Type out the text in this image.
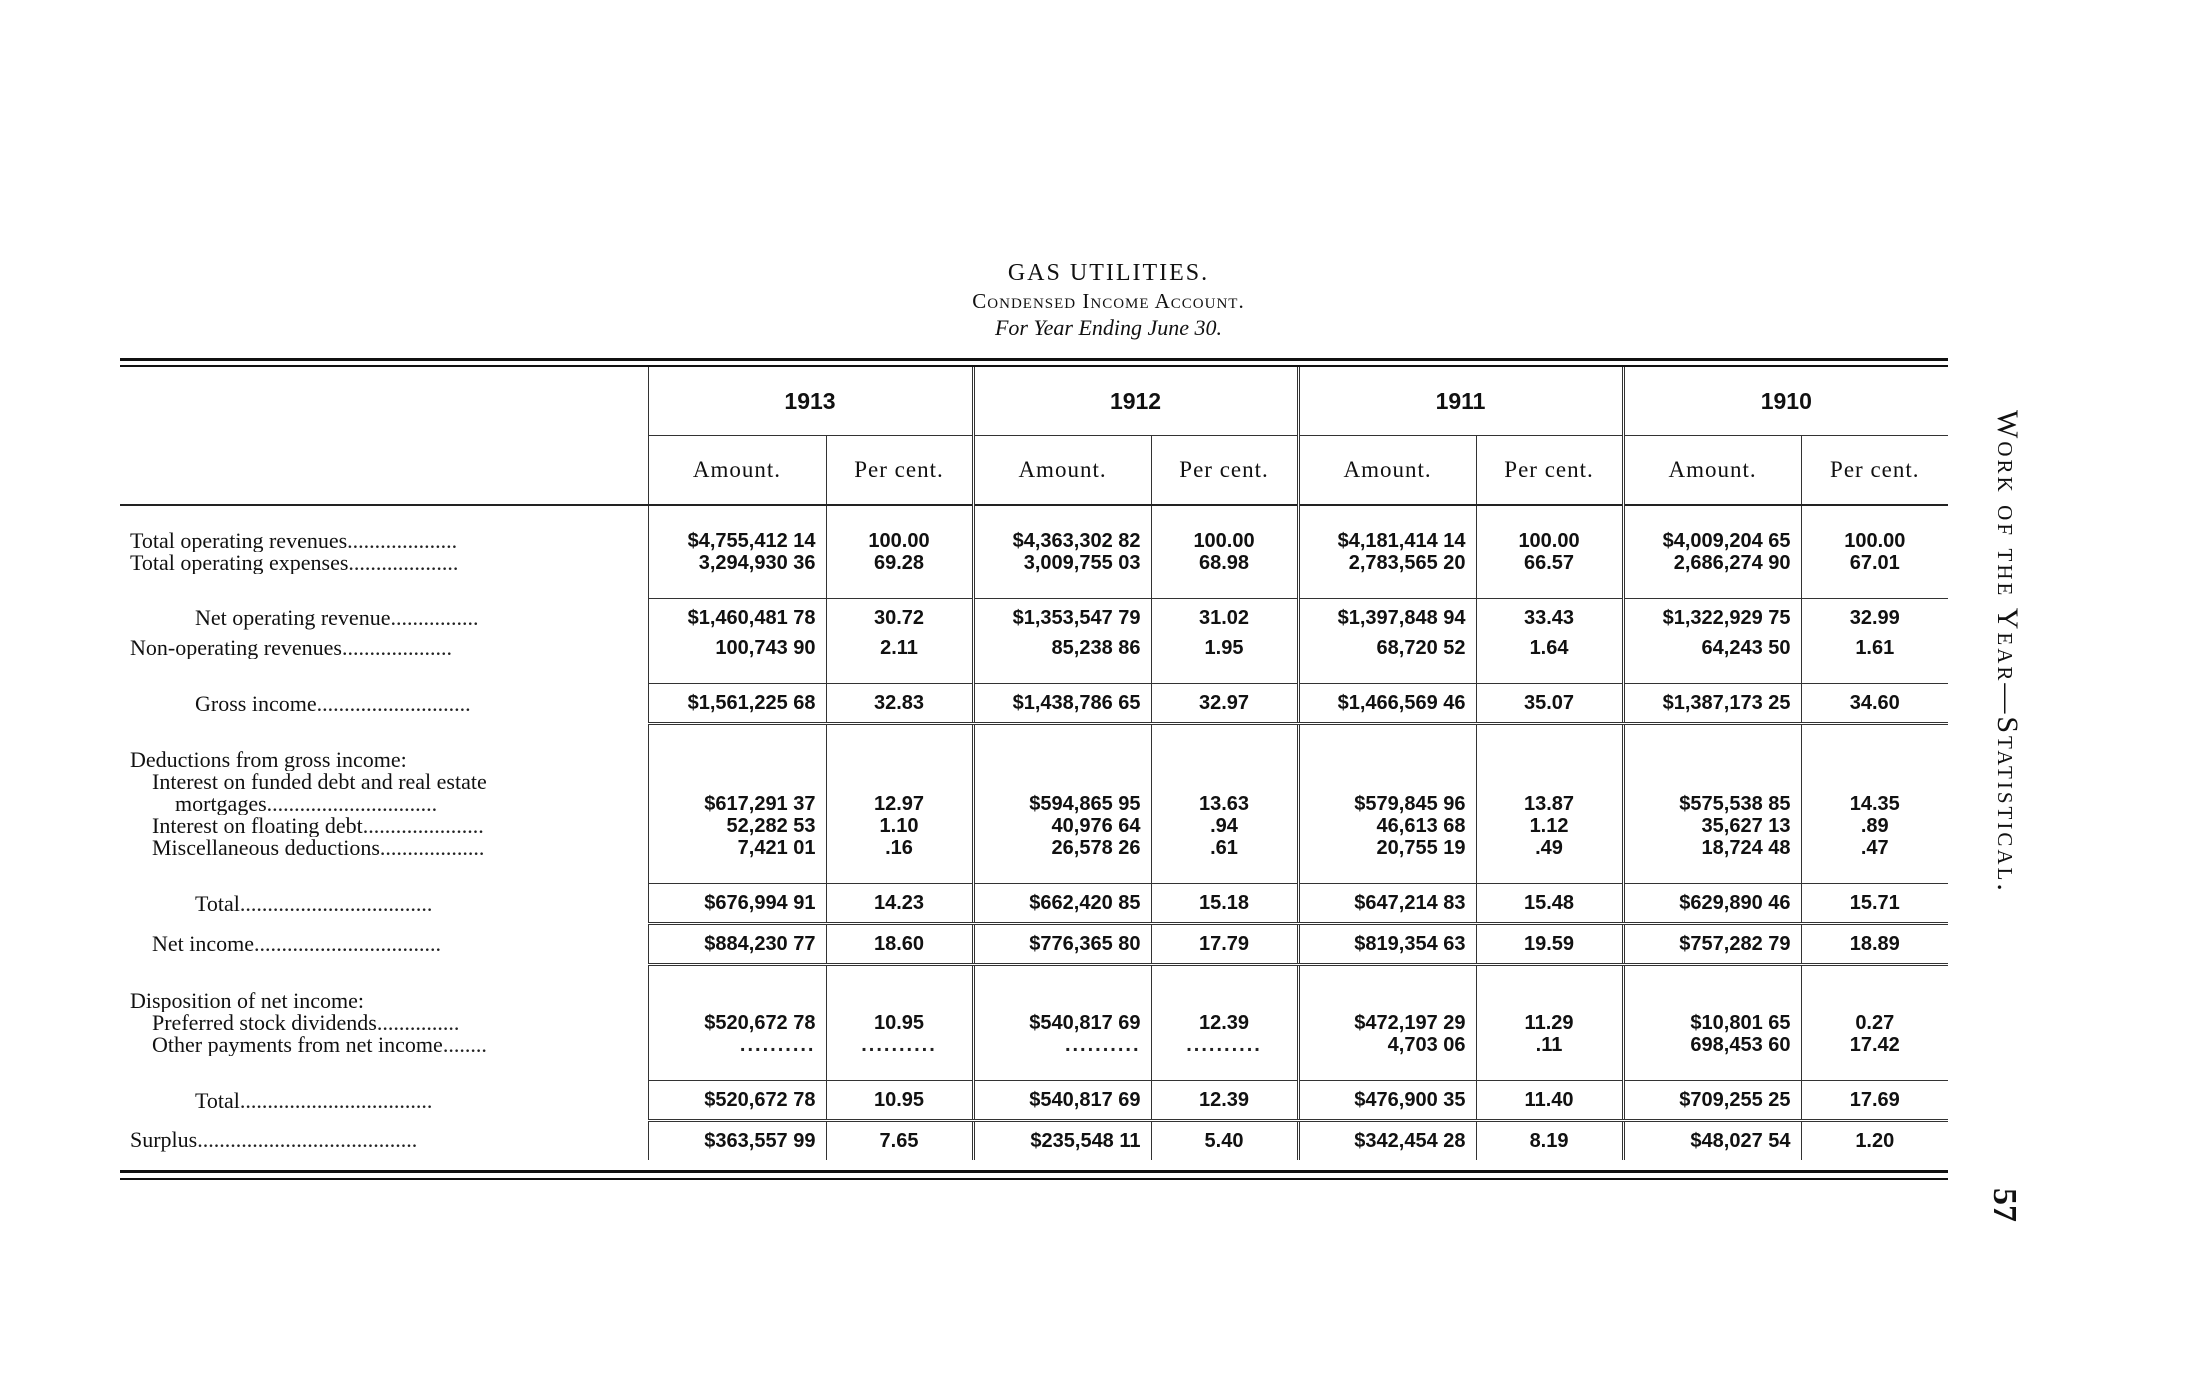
GAS UTILITIES.
Condensed Income Account.
For Year Ending June 30.
	1913		1912		1911		1910	
	Amount.	Per cent.	Amount.	Per cent.	Amount.	Per cent.	Amount.	Per cent.

Total operating revenues....................	$4,755,412 14	100.00	$4,363,302 82	100.00	$4,181,414 14	100.00	$4,009,204 65	100.00
Total operating expenses....................	3,294,930 36	69.28	3,009,755 03	68.98	2,783,565 20	66.57	2,686,274 90	67.01

Net operating revenue................	$1,460,481 78	30.72	$1,353,547 79	31.02	$1,397,848 94	33.43	$1,322,929 75	32.99
Non-operating revenues....................	100,743 90	2.11	85,238 86	1.95	68,720 52	1.64	64,243 50	1.61

Gross income............................	$1,561,225 68	32.83	$1,438,786 65	32.97	$1,466,569 46	35.07	$1,387,173 25	34.60

Deductions from gross income:								
Interest on funded debt and real estate								
mortgages...............................	$617,291 37	12.97	$594,865 95	13.63	$579,845 96	13.87	$575,538 85	14.35
Interest on floating debt......................	52,282 53	1.10	40,976 64	.94	46,613 68	1.12	35,627 13	.89
Miscellaneous deductions...................	7,421 01	.16	26,578 26	.61	20,755 19	.49	18,724 48	.47

Total...................................	$676,994 91	14.23	$662,420 85	15.18	$647,214 83	15.48	$629,890 46	15.71
Net income..................................	$884,230 77	18.60	$776,365 80	17.79	$819,354 63	19.59	$757,282 79	18.89

Disposition of net income:								
Preferred stock dividends...............	$520,672 78	10.95	$540,817 69	12.39	$472,197 29	11.29	$10,801 65	0.27
Other payments from net income........	..........	..........	..........	..........	4,703 06	.11	698,453 60	17.42

Total...................................	$520,672 78	10.95	$540,817 69	12.39	$476,900 35	11.40	$709,255 25	17.69
Surplus........................................	$363,557 99	7.65	$235,548 11	5.40	$342,454 28	8.19	$48,027 54	1.20
Work of the Year—Statistical.
57
